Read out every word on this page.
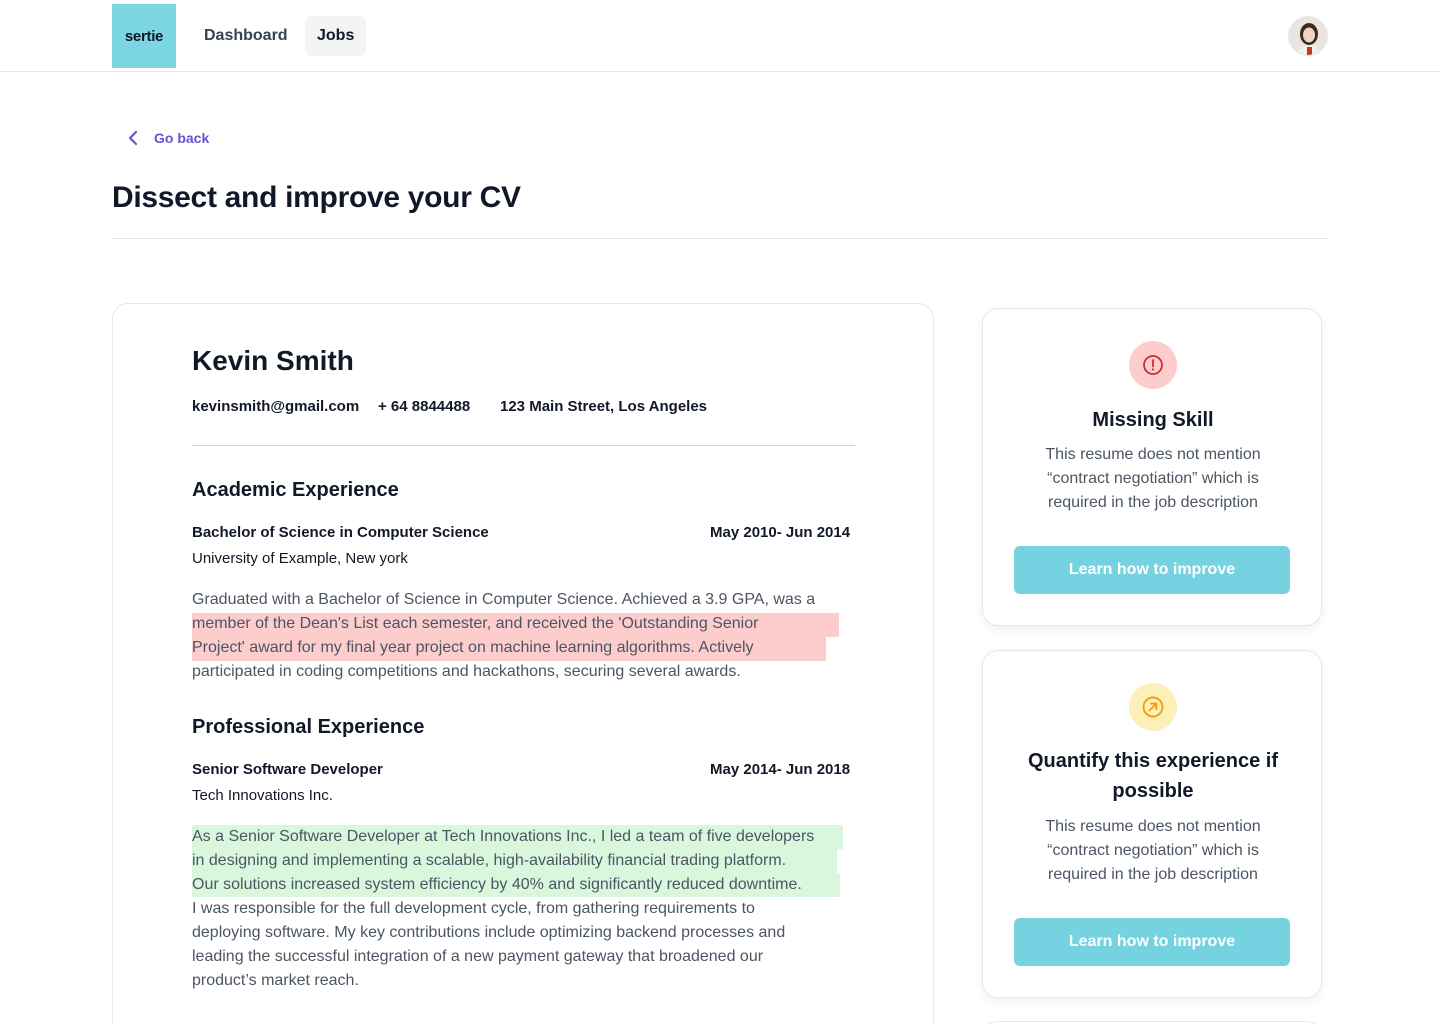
sertie	Dashboard	Jobs
Go back
Dissect and improve your CV
Kevin Smith
kevinsmith@gmail.com + 64 8844488 123 Main Street, Los Angeles
Academic Experience
Bachelor of Science in Computer Science	May 2010- Jun 2014
University of Example, New york
Graduated with a Bachelor of Science in Computer Science. Achieved a 3.9 GPA, was a
member of the Dean's List each semester, and received the 'Outstanding Senior
Project' award for my final year project on machine learning algorithms. Actively
participated in coding competitions and hackathons, securing several awards.
Professional Experience
Senior Software Developer	May 2014- Jun 2018
Tech Innovations Inc.
As a Senior Software Developer at Tech Innovations Inc., I led a team of five developers
in designing and implementing a scalable, high-availability financial trading platform.
Our solutions increased system efficiency by 40% and significantly reduced downtime.
I was responsible for the full development cycle, from gathering requirements to
deploying software. My key contributions include optimizing backend processes and
leading the successful integration of a new payment gateway that broadened our
product’s market reach.
Missing Skill
This resume does not mention
“contract negotiation” which is
required in the job description
Learn how to improve
Quantify this experience if
possible
This resume does not mention
“contract negotiation” which is
required in the job description
Learn how to improve
